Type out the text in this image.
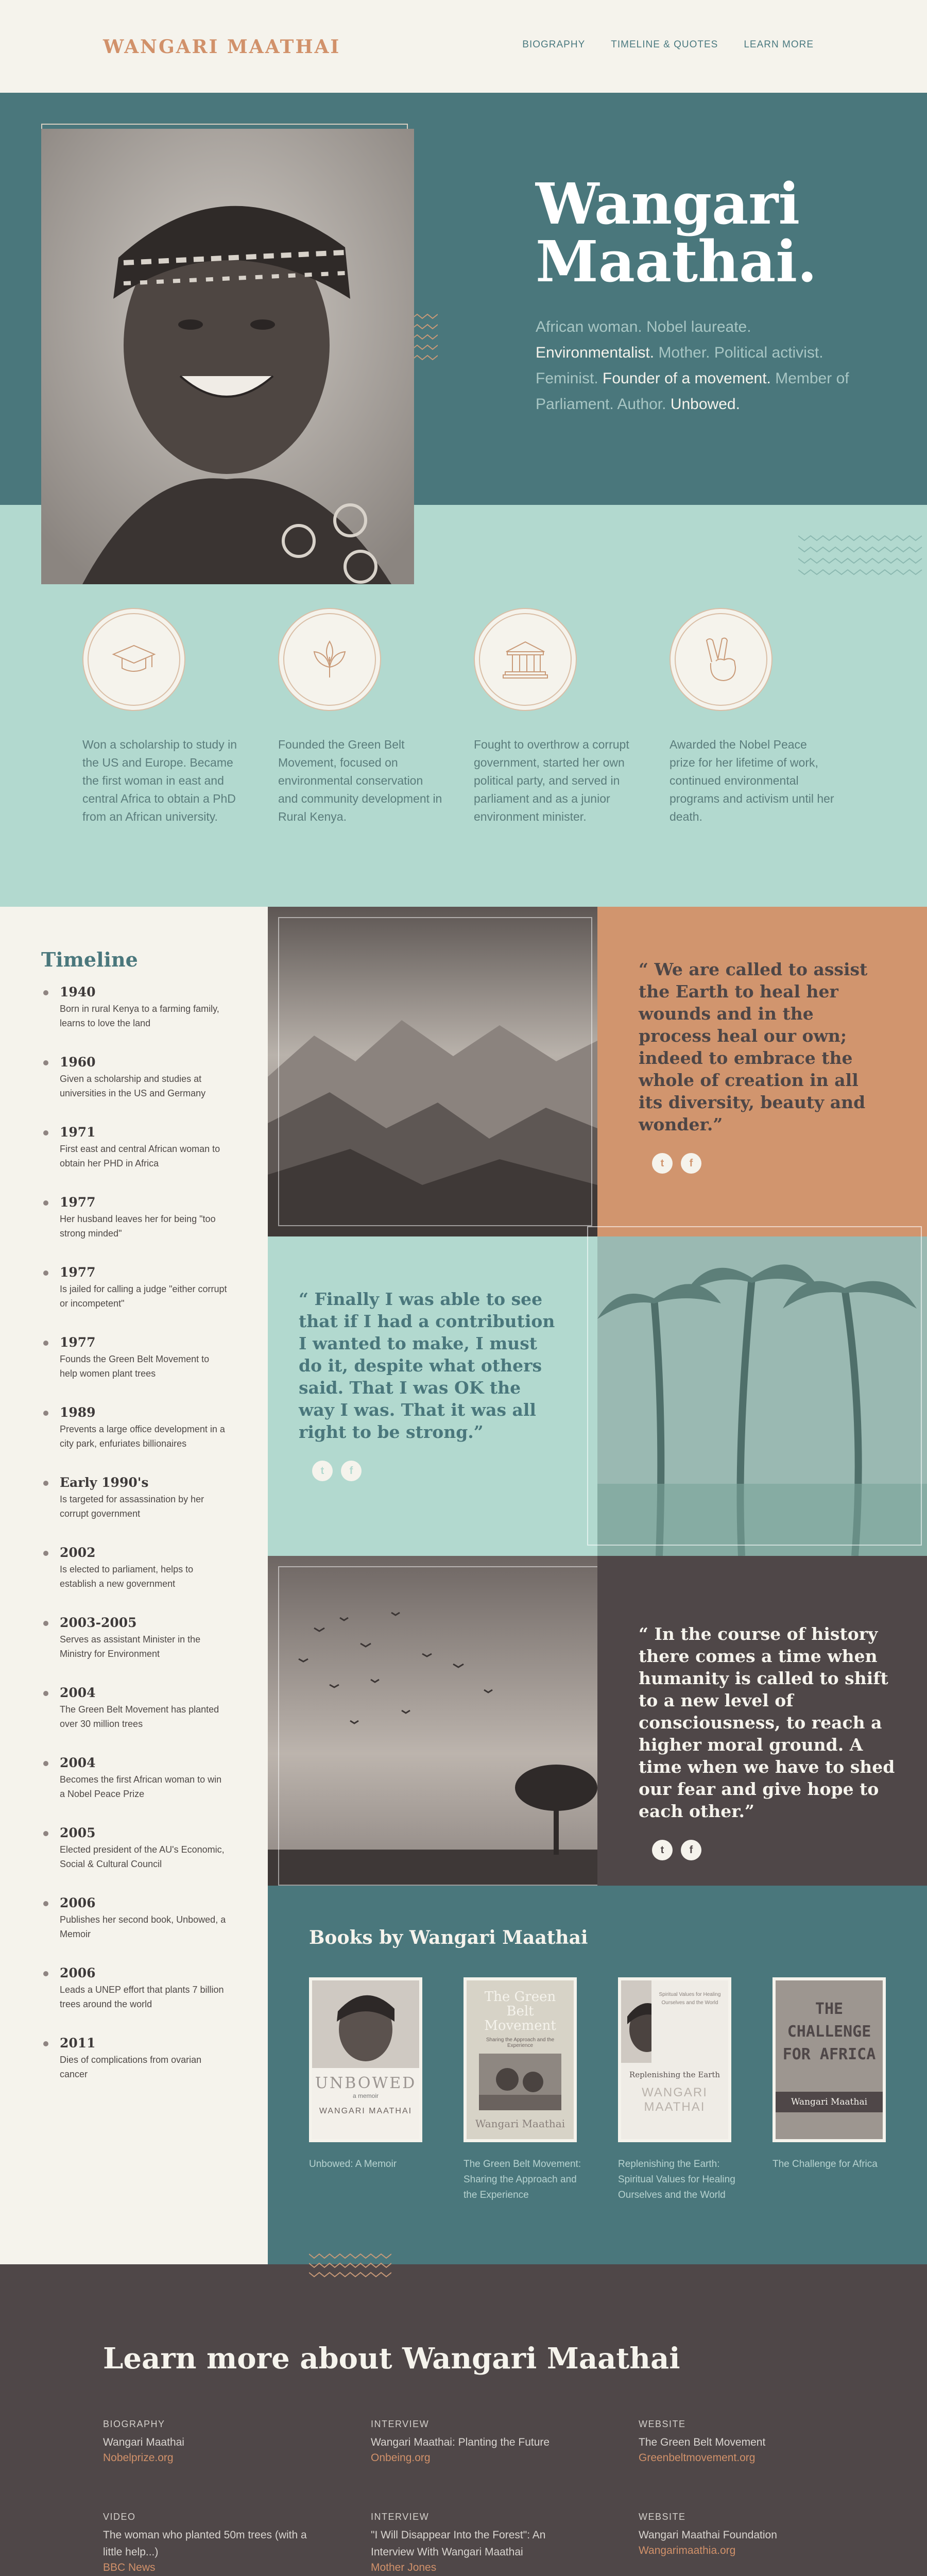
WANGARI MAATHAI	BIOGRAPHY	TIMELINE & QUOTES	LEARN MORE
Wangari
Maathai.

African woman. Nobel laureate. Environmentalist. Mother. Political activist. Feminist. Founder of a movement. Member of Parliament. Author. Unbowed.

Won a scholarship to study in the US and Europe. Became the first woman in east and central Africa to obtain a PhD from an African university.

Founded the Green Belt Movement, focused on environmental conservation and community development in Rural Kenya.

Fought to overthrow a corrupt government, started her own political party, and served in parliament and as a junior environment minister.

Awarded the Nobel Peace prize for her lifetime of work, continued environmental programs and activism until her death.

Timeline
1940
Born in rural Kenya to a farming family, learns to love the land
1960
Given a scholarship and studies at universities in the US and Germany
1971
First east and central African woman to obtain her PHD in Africa
1977
Her husband leaves her for being "too strong minded"
1977
Is jailed for calling a judge "either corrupt or incompetent"
1977
Founds the Green Belt Movement to help women plant trees
1989
Prevents a large office development in a city park, enfuriates billionaires
Early 1990's
Is targeted for assassination by her corrupt government
2002
Is elected to parliament, helps to establish a new government
2003-2005
Serves as assistant Minister in the Ministry for Environment
2004
The Green Belt Movement has planted over 30 million trees
2004
Becomes the first African woman to win a Nobel Peace Prize
2005
Elected president of the AU's Economic, Social & Cultural Council
2006
Publishes her second book, Unbowed, a Memoir
2006
Leads a UNEP effort that plants 7 billion trees around the world
2011
Dies of complications from ovarian cancer
“ We are called to assist the Earth to heal her wounds and in the process heal our own; indeed to embrace the whole of creation in all its diversity, beauty and wonder.”
t	f
“ Finally I was able to see that if I had a contribution I wanted to make, I must do it, despite what others said. That I was OK the way I was. That it was all right to be strong.”
t	f
“ In the course of history there comes a time when humanity is called to shift to a new level of consciousness, to reach a higher moral ground. A time when we have to shed our fear and give hope to each other.”
t	f
Books by Wangari Maathai
UNBOWED
a memoir
WANGARI MAATHAI
Unbowed: A Memoir
The Green Belt Movement
Sharing the Approach and the Experience
Wangari Maathai
The Green Belt Movement: Sharing the Approach and the Experience
Spiritual Values for Healing Ourselves and the World
Replenishing the Earth
WANGARI MAATHAI
Replenishing the Earth: Spiritual Values for Healing Ourselves and the World
THE CHALLENGE FOR AFRICA
Wangari Maathai
The Challenge for Africa
Learn more about Wangari Maathai
BIOGRAPHY
Wangari Maathai
Nobelprize.org
INTERVIEW
Wangari Maathai: Planting the Future
Onbeing.org
WEBSITE
The Green Belt Movement
Greenbeltmovement.org
VIDEO
The woman who planted 50m trees (with a little help...)
BBC News
INTERVIEW
"I Will Disappear Into the Forest": An Interview With Wangari Maathai
Mother Jones
WEBSITE
Wangari Maathai Foundation
Wangarimaathia.org
